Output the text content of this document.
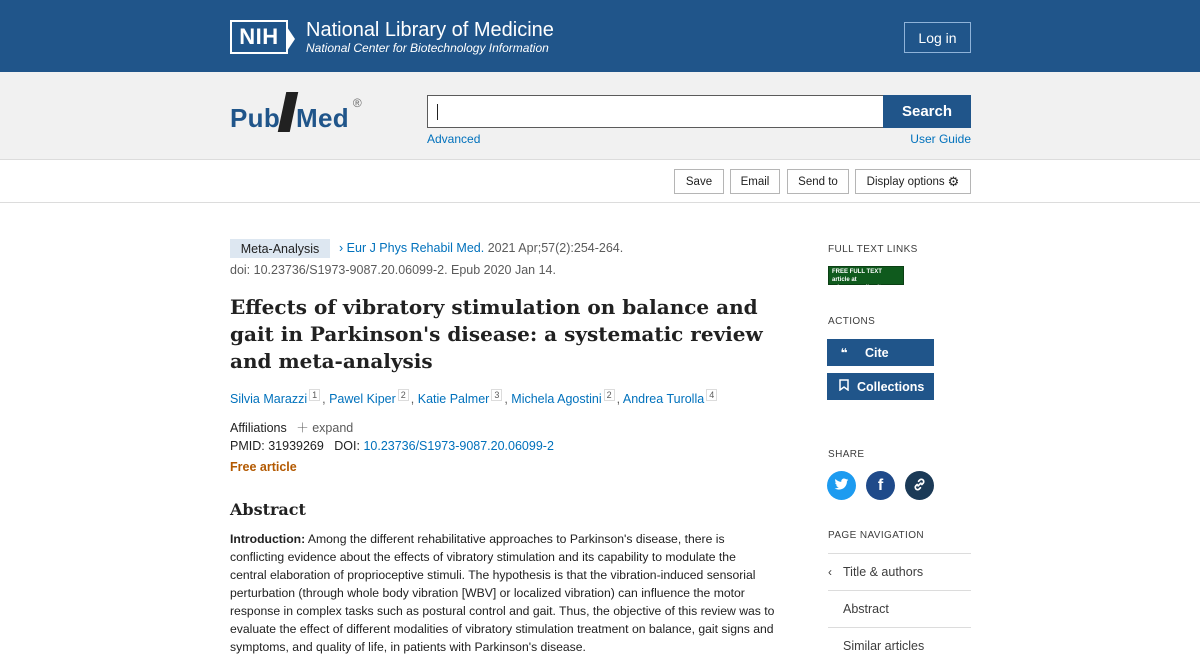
NIH	National Library of Medicine
National Center for Biotechnology Information
Log in
Pub Med ®	Search
Advanced	User Guide
Save	Email	Send to	Display options ⚙
Meta-Analysis	› Eur J Phys Rehabil Med. 2021 Apr;57(2):254-264.
doi: 10.23736/S1973-9087.20.06099-2. Epub 2020 Jan 14.
Effects of vibratory stimulation on balance and gait in Parkinson's disease: a systematic review and meta-analysis
Silvia Marazzi $^1$ , Pawel Kiper $^2$ , Katie Palmer $^3$ , Michela Agostini $^2$ , Andrea Turolla $^4$
Affiliations ＋ expand
PMID: 31939269 DOI: 10.23736/S1973-9087.20.06099-2
Free article
Abstract

Introduction: Among the different rehabilitative approaches to Parkinson's disease, there is conflicting evidence about the effects of vibratory stimulation and its capability to modulate the central elaboration of proprioceptive stimuli. The hypothesis is that the vibration-induced sensorial perturbation (through whole body vibration [WBV] or localized vibration) can influence the motor response in complex tasks such as postural control and gait. Thus, the objective of this review was to evaluate the effect of different modalities of vibratory stimulation treatment on balance, gait signs and symptoms, and quality of life, in patients with Parkinson's disease.

FULL TEXT LINKS
FREE FULL TEXT article at minervamedica.it
ACTIONS
❝ Cite
Collections
SHARE
f
PAGE NAVIGATION
‹ Title & authors
Abstract
Similar articles
